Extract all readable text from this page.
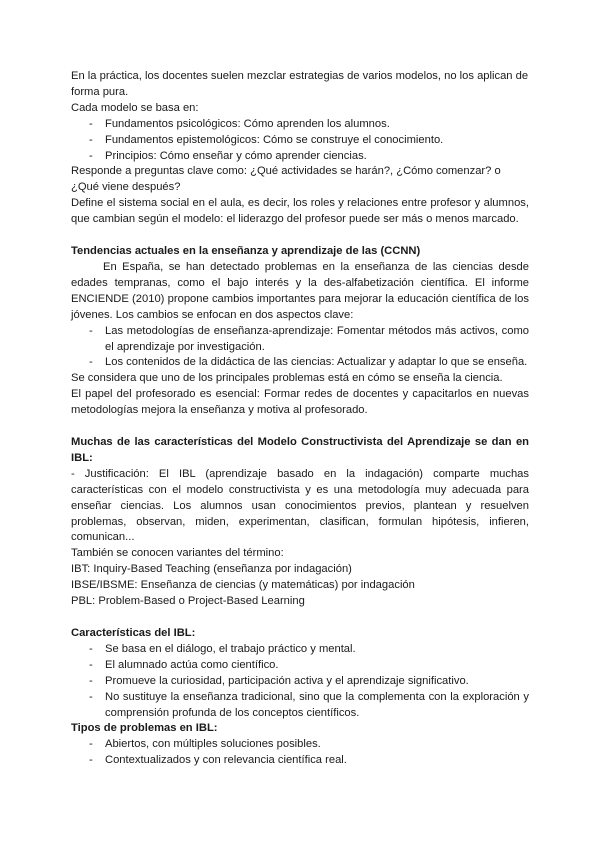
En la práctica, los docentes suelen mezclar estrategias de varios modelos, no los aplican de forma pura.

Cada modelo se basa en:

- Fundamentos psicológicos: Cómo aprenden los alumnos.
- Fundamentos epistemológicos: Cómo se construye el conocimiento.
- Principios: Cómo enseñar y cómo aprender ciencias.

Responde a preguntas clave como: ¿Qué actividades se harán?, ¿Cómo comenzar? o ¿Qué viene después?

Define el sistema social en el aula, es decir, los roles y relaciones entre profesor y alumnos, que cambian según el modelo: el liderazgo del profesor puede ser más o menos marcado.

Tendencias actuales en la enseñanza y aprendizaje de las (CCNN)

En España, se han detectado problemas en la enseñanza de las ciencias desde edades tempranas, como el bajo interés y la des-alfabetización científica. El informe ENCIENDE (2010) propone cambios importantes para mejorar la educación científica de los jóvenes. Los cambios se enfocan en dos aspectos clave:

- Las metodologías de enseñanza-aprendizaje: Fomentar métodos más activos, como el aprendizaje por investigación.
- Los contenidos de la didáctica de las ciencias: Actualizar y adaptar lo que se enseña.

Se considera que uno de los principales problemas está en cómo se enseña la ciencia.

El papel del profesorado es esencial: Formar redes de docentes y capacitarlos en nuevas metodologías mejora la enseñanza y motiva al profesorado.

Muchas de las características del Modelo Constructivista del Aprendizaje se dan en IBL:

- Justificación: El IBL (aprendizaje basado en la indagación) comparte muchas características con el modelo constructivista y es una metodología muy adecuada para enseñar ciencias. Los alumnos usan conocimientos previos, plantean y resuelven problemas, observan, miden, experimentan, clasifican, formulan hipótesis, infieren, comunican...

También se conocen variantes del término:

IBT: Inquiry-Based Teaching (enseñanza por indagación)

IBSE/IBSME: Enseñanza de ciencias (y matemáticas) por indagación

PBL: Problem-Based o Project-Based Learning

Características del IBL:

- Se basa en el diálogo, el trabajo práctico y mental.
- El alumnado actúa como científico.
- Promueve la curiosidad, participación activa y el aprendizaje significativo.
- No sustituye la enseñanza tradicional, sino que la complementa con la exploración y comprensión profunda de los conceptos científicos.

Tipos de problemas en IBL:

- Abiertos, con múltiples soluciones posibles.
- Contextualizados y con relevancia científica real.
